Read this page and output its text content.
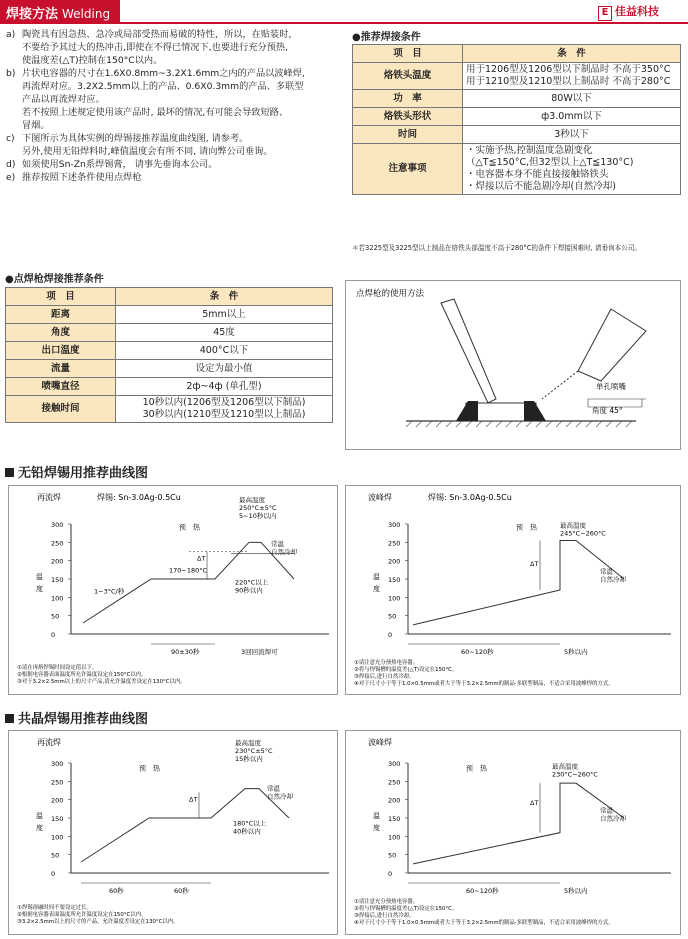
焊接方法 Welding	E 佳益科技
a) 陶瓷具有因急热、急冷或局部受热而易破的特性，所以，在贴装时，
不要给予其过大的热冲击,即使在不得已情况下,也要进行充分预热,
使温度差(△T)控制在150°C以内。
b) 片状电容器的尺寸在1.6X0.8mm~3.2X1.6mm之内的产品以波峰焊,
再流焊对应。3.2X2.5mm以上的产品、0.6X0.3mm的产品、多联型
产品以再流焊对应。
若不按照上述规定使用该产品时, 最坏的情况,有可能会导致短路、
冒烟。
c) 下图所示为具体实例的焊锡接推荐温度曲线图, 请参考。
另外,使用无铅焊料时,峰值温度会有所不同, 请向弊公司垂询。
d) 如须使用Sn-Zn系焊锡膏， 请事先垂询本公司。
e) 推荐按照下述条件使用点焊枪
●推荐焊接条件
项　目	条　件
烙铁头温度	用于1206型及1206型以下制品时 不高于350°C
用于1210型及1210型以上制品时 不高于280°C

功　率	80W以下

烙铁头形状	ф3.0mm以下

时间	3秒以下

注意事项	・实施予热,控制温度急剧变化
（△T≦150°C,但32型以上△T≦130°C)
・电容器本身不能直接接触铬铁头
・焊接以后不能急剧冷却(自然冷却)
＊若3225型及3225型以上制品在烙铁头部温度不高于280°C的条件下焊接困难时, 请垂询本公司。
●点焊枪焊接推荐条件
项　目	条　件
距离	5mm以上

角度	45度

出口温度	400°C以下

流量	设定为最小值

喷嘴直径	2ф~4ф (单孔型)

接触时间	10秒以内(1206型及1206型以下制品)
30秒以内(1210型及1210型以上制品)
点焊枪的使用方法
单孔喷嘴
角度 45°
无铅焊锡用推荐曲线图
再流焊	焊锡: Sn-3.0Ag-0.5Cu
300
250
200
150
100
50
0
温
度
预　热
1~3°C/秒
170~180°C
ΔT
最高温度
250°C±5°C
5~10秒以内
常温
自然冷却
220°C以上
90秒以内
90±30秒	3回回流焊可
①请在再熔焊锡时间设定值以下。
②根据电容器表面温度所允许温度设定在150°C以内。
③对于3.2×2.5mm以上的尺寸产品,请允许温度差设定在130°C以内。
波峰焊	焊锡: Sn-3.0Ag-0.5Cu
300
250
200
150
100
50
0
温
度
预　热	最高温度
245°C~260°C
常温
自然冷却
ΔT
60~120秒	5秒以内
①请注意充分预热电容器。
②将与焊锡槽的温度差(△T)设定在150°C。
③焊接后,进行自然冷却。
④对于尺寸小于等于1.0×0.5mm或者大于等于3.2×2.5mm的制品·多联型制品，不适合采用波峰焊的方式。
共晶焊锡用推荐曲线图
再流焊
300
250
200
150
100
50
0
温
度
预　热
最高温度
230°C±5°C
15秒以内
常温
自然冷却
ΔT
180°C以上
40秒以内
60秒	60秒
①焊锡溶融时间不要设定过长。
②根据电容器表面温度所允许温度设定在150°C以内。
③3.2×2.5mm以上的尺寸的产品，允许温度差设定在130°C以内。
波峰焊
300
250
200
150
100
50
0
温
度
预　热	最高温度
230°C~260°C
常温
自然冷却
ΔT
60~120秒	5秒以内
①请注意充分预热电容器。
②将与焊锡槽的温度差(△T)设定在150°C。
③焊接后,进行自然冷却。
④对于尺寸小于等于1.0×0.5mm或者大于等于3.2×2.5mm的制品·多联型制品，不适合采用波峰焊的方式。
